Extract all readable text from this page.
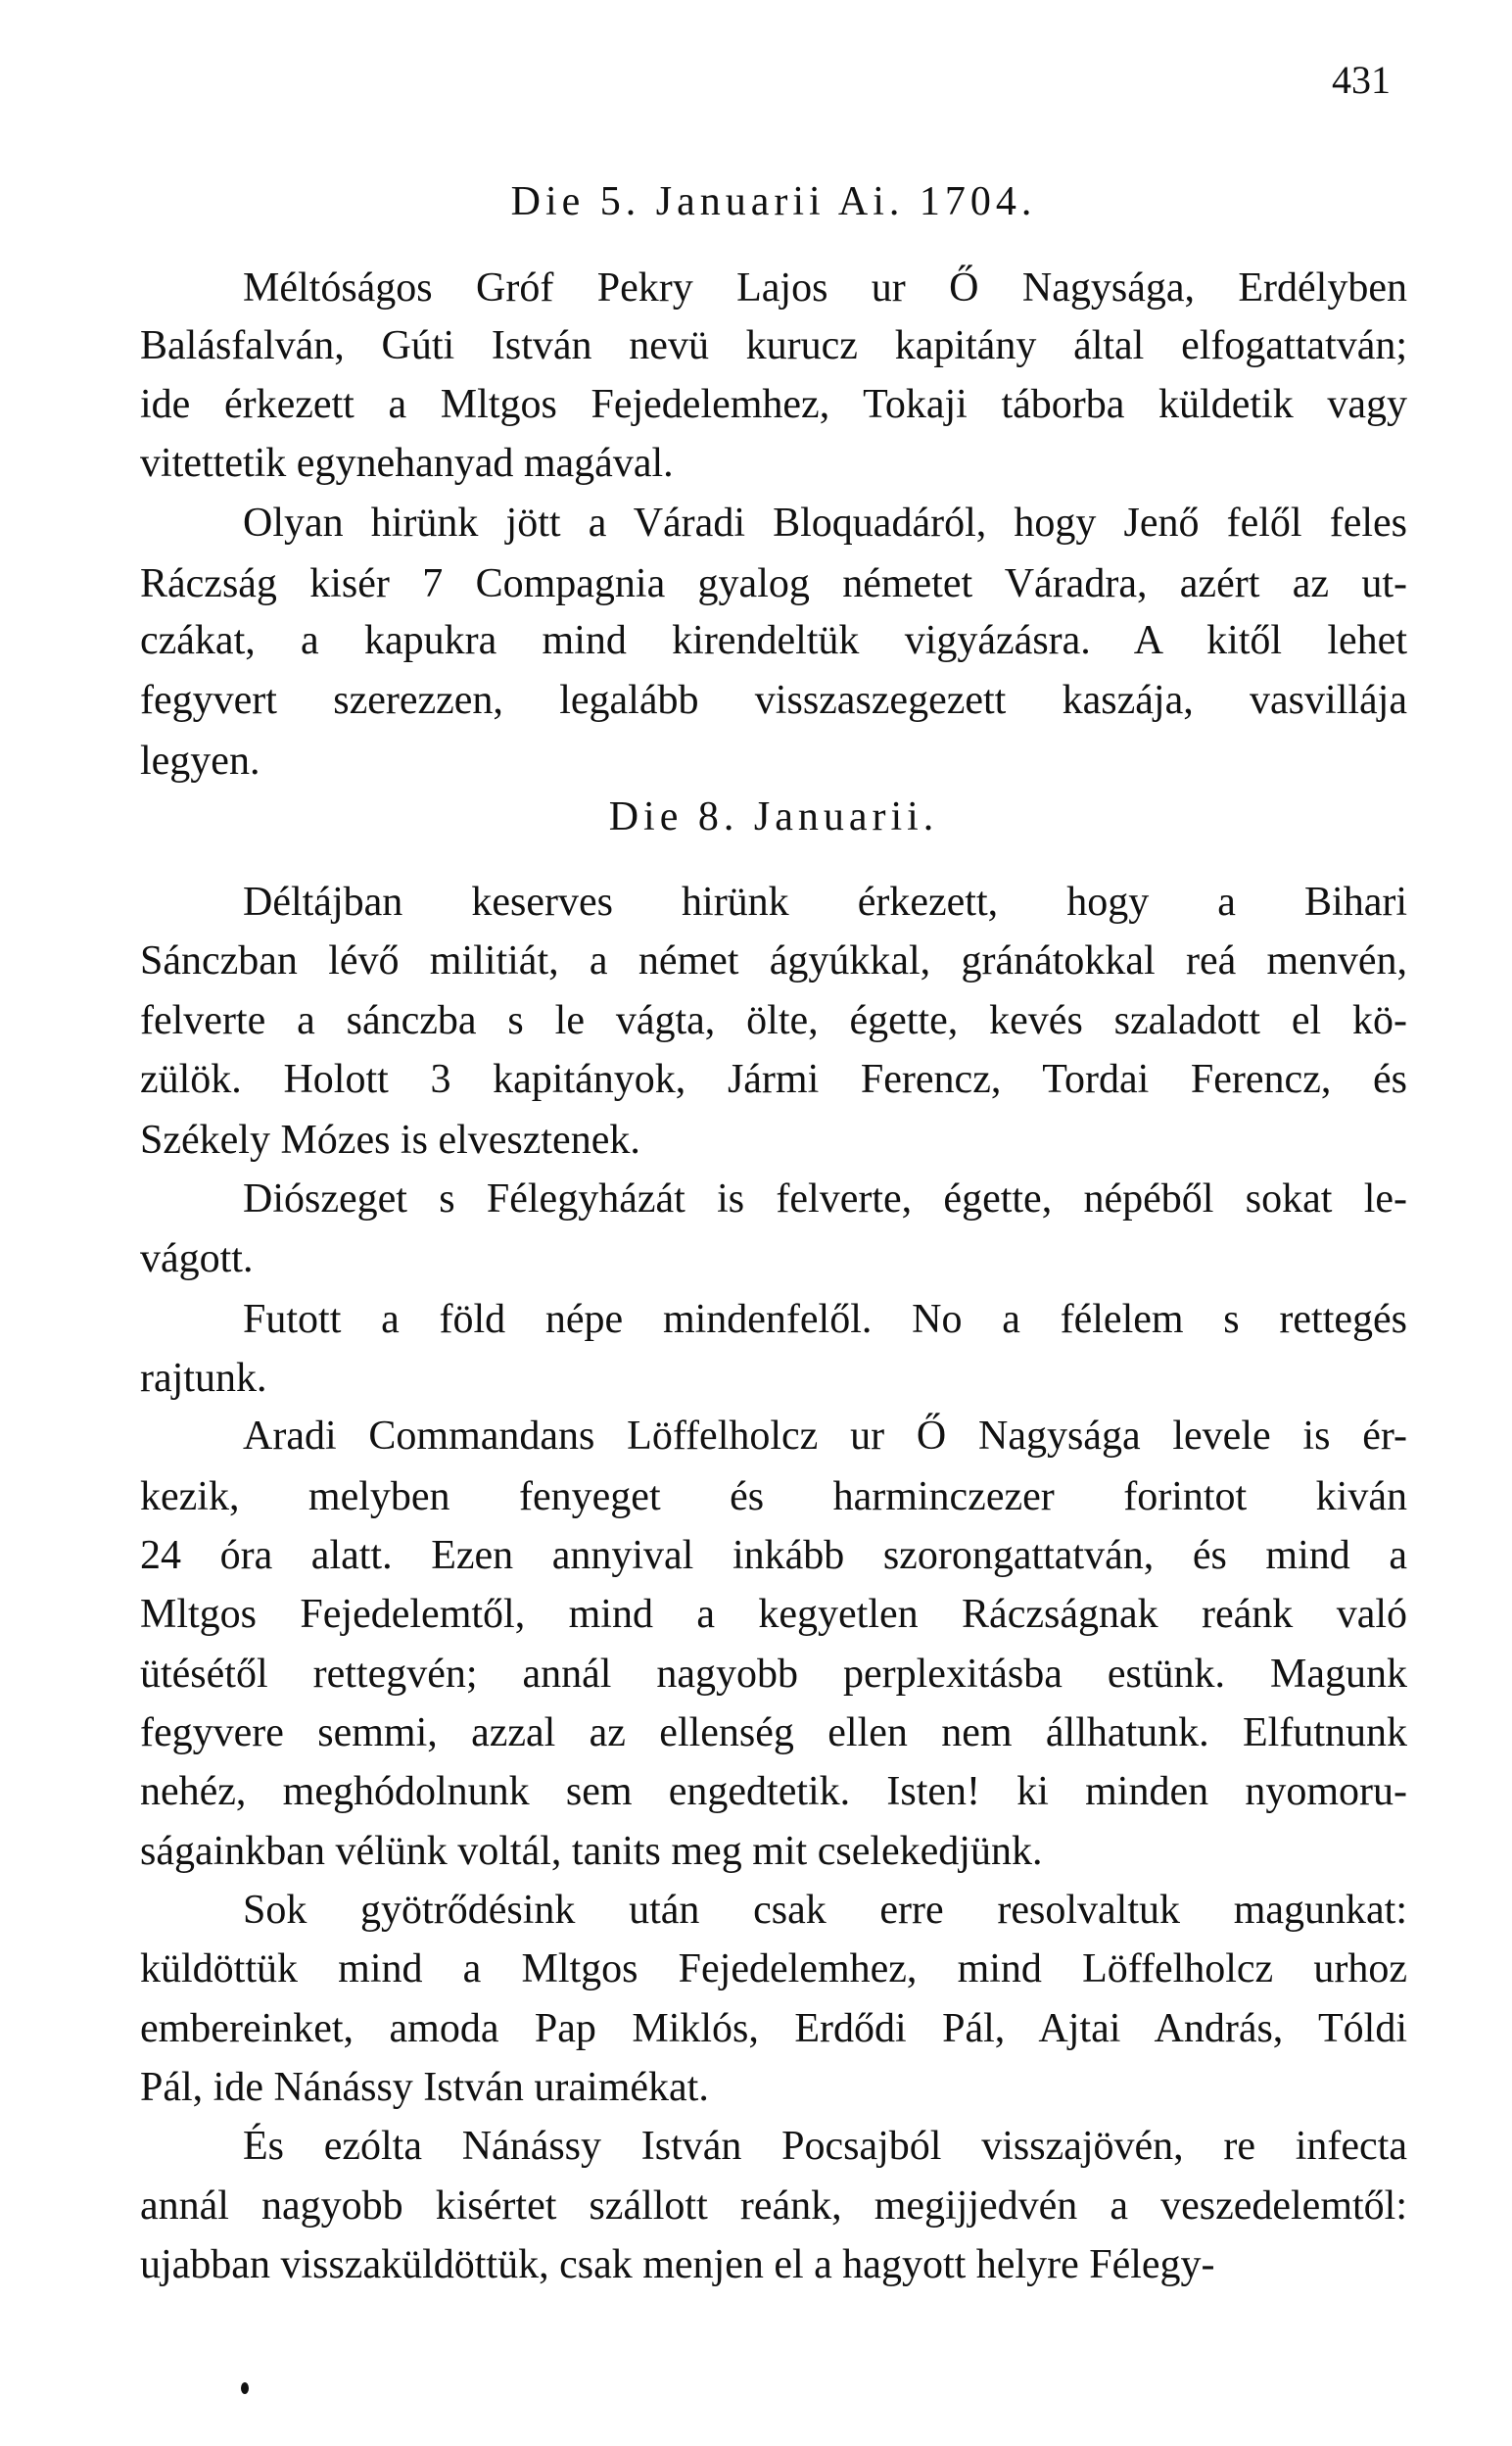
431
Die 5. Januarii Ai. 1704.
Méltóságos Gróf Pekry Lajos ur Ő Nagysága, Erdélyben
Balásfalván, Gúti István nevü kurucz kapitány által elfogattatván;
ide érkezett a Mltgos Fejedelemhez, Tokaji táborba küldetik vagy
vitettetik egynehanyad magával.
Olyan hirünk jött a Váradi Bloquadáról, hogy Jenő felől feles
Ráczság kisér 7 Compagnia gyalog németet Váradra, azért az ut-
czákat, a kapukra mind kirendeltük vigyázásra. A kitől lehet
fegyvert szerezzen, legalább visszaszegezett kaszája, vasvillája
legyen.
Die 8. Januarii.
Déltájban keserves hirünk érkezett, hogy a Bihari
Sánczban lévő militiát, a német ágyúkkal, gránátokkal reá menvén,
felverte a sánczba s le vágta, ölte, égette, kevés szaladott el kö-
zülök. Holott 3 kapitányok, Jármi Ferencz, Tordai Ferencz, és
Székely Mózes is elvesztenek.
Diószeget s Félegyházát is felverte, égette, népéből sokat le-
vágott.
Futott a föld népe mindenfelől. No a félelem s rettegés
rajtunk.
Aradi Commandans Löffelholcz ur Ő Nagysága levele is ér-
kezik, melyben fenyeget és harminczezer forintot kiván
24 óra alatt. Ezen annyival inkább szorongattatván, és mind a
Mltgos Fejedelemtől, mind a kegyetlen Ráczságnak reánk való
ütésétől rettegvén; annál nagyobb perplexitásba estünk. Magunk
fegyvere semmi, azzal az ellenség ellen nem állhatunk. Elfutnunk
nehéz, meghódolnunk sem engedtetik. Isten! ki minden nyomoru-
ságainkban vélünk voltál, tanits meg mit cselekedjünk.
Sok gyötrődésink után csak erre resolvaltuk magunkat:
küldöttük mind a Mltgos Fejedelemhez, mind Löffelholcz urhoz
embereinket, amoda Pap Miklós, Erdődi Pál, Ajtai András, Tóldi
Pál, ide Nánássy István uraimékat.
És ezólta Nánássy István Pocsajból visszajövén, re infecta
annál nagyobb kisértet szállott reánk, megijjedvén a veszedelemtől:
ujabban visszaküldöttük, csak menjen el a hagyott helyre Félegy-
